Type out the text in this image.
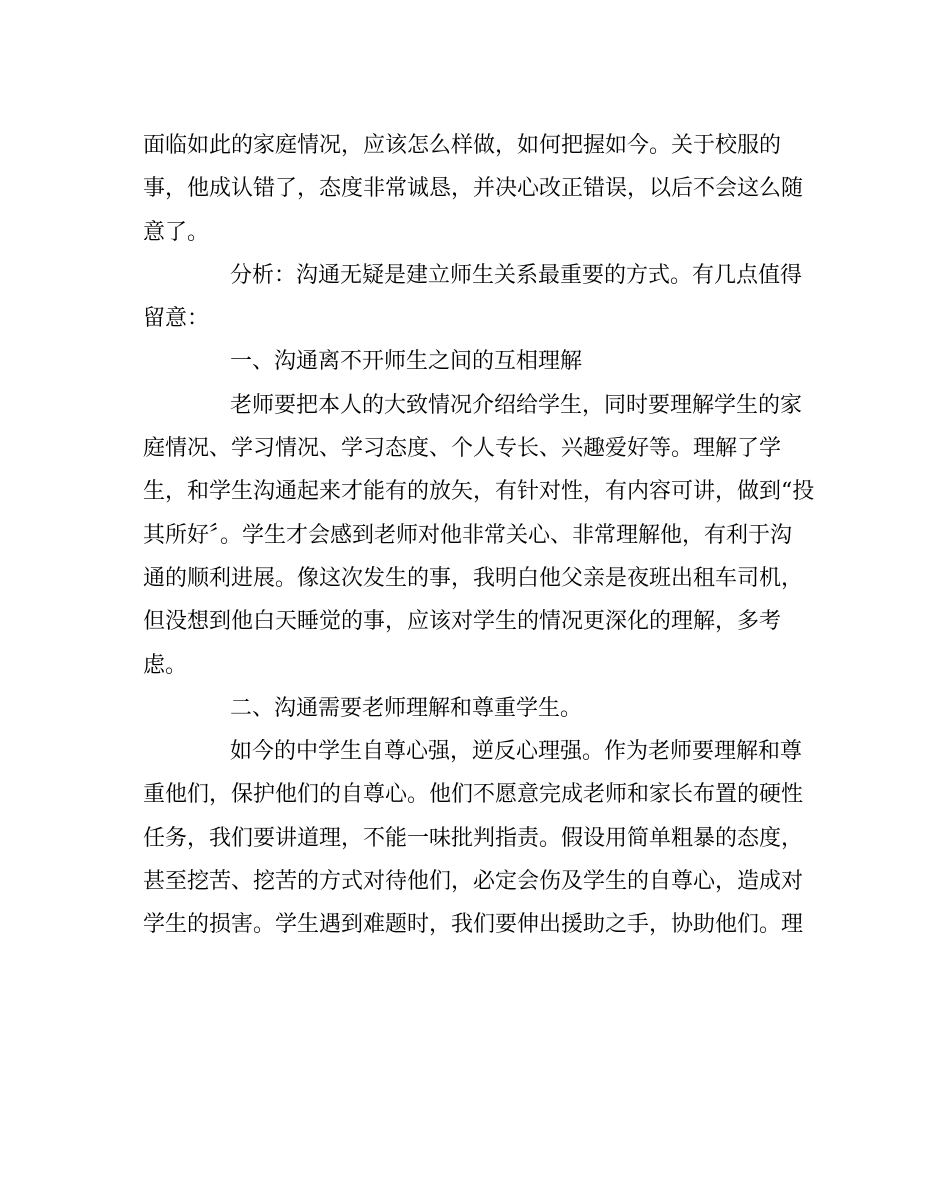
面临如此的家庭情况，应该怎么样做，如何把握如今。关于校服的
事，他成认错了，态度非常诚恳，并决心改正错误，以后不会这么随
意了。
分析：沟通无疑是建立师生关系最重要的方式。有几点值得
留意：
一、沟通离不开师生之间的互相理解
老师要把本人的大致情况介绍给学生，同时要理解学生的家
庭情况、学习情况、学习态度、个人专长、兴趣爱好等。理解了学
生，和学生沟通起来才能有的放矢，有针对性，有内容可讲，做到“投
其所好〞。学生才会感到老师对他非常关心、非常理解他，有利于沟
通的顺利进展。像这次发生的事，我明白他父亲是夜班出租车司机，
但没想到他白天睡觉的事，应该对学生的情况更深化的理解，多考
虑。
二、沟通需要老师理解和尊重学生。
如今的中学生自尊心强，逆反心理强。作为老师要理解和尊
重他们，保护他们的自尊心。他们不愿意完成老师和家长布置的硬性
任务，我们要讲道理，不能一味批判指责。假设用简单粗暴的态度，
甚至挖苦、挖苦的方式对待他们，必定会伤及学生的自尊心，造成对
学生的损害。学生遇到难题时，我们要伸出援助之手，协助他们。理
